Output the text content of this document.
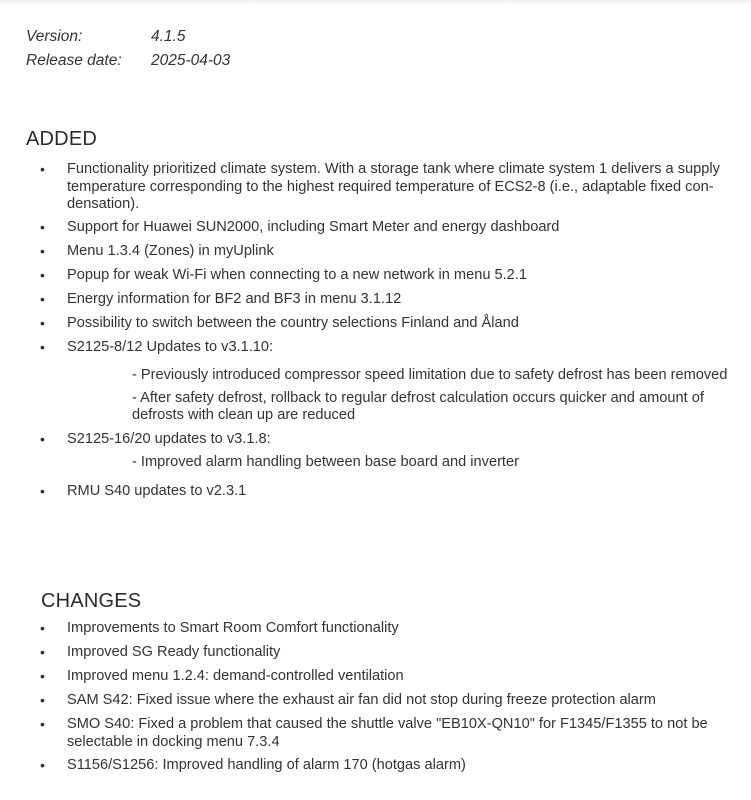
Version:	4.1.5
Release date:	2025-04-03
ADDED
• Functionality prioritized climate system. With a storage tank where climate system 1 delivers a supply temperature corresponding to the highest required temperature of ECS2-8 (i.e., adaptable fixed con-densation).
• Support for Huawei SUN2000, including Smart Meter and energy dashboard
• Menu 1.3.4 (Zones) in myUplink
• Popup for weak Wi-Fi when connecting to a new network in menu 5.2.1
• Energy information for BF2 and BF3 in menu 3.1.12
• Possibility to switch between the country selections Finland and Åland
• S2125-8/12 Updates to v3.1.10:
- Previously introduced compressor speed limitation due to safety defrost has been removed
- After safety defrost, rollback to regular defrost calculation occurs quicker and amount of defrosts with clean up are reduced
• S2125-16/20 updates to v3.1.8:
- Improved alarm handling between base board and inverter
• RMU S40 updates to v2.3.1
CHANGES
• Improvements to Smart Room Comfort functionality
• Improved SG Ready functionality
• Improved menu 1.2.4: demand-controlled ventilation
• SAM S42: Fixed issue where the exhaust air fan did not stop during freeze protection alarm
• SMO S40: Fixed a problem that caused the shuttle valve "EB10X-QN10" for F1345/F1355 to not be selectable in docking menu 7.3.4
• S1156/S1256: Improved handling of alarm 170 (hotgas alarm)
